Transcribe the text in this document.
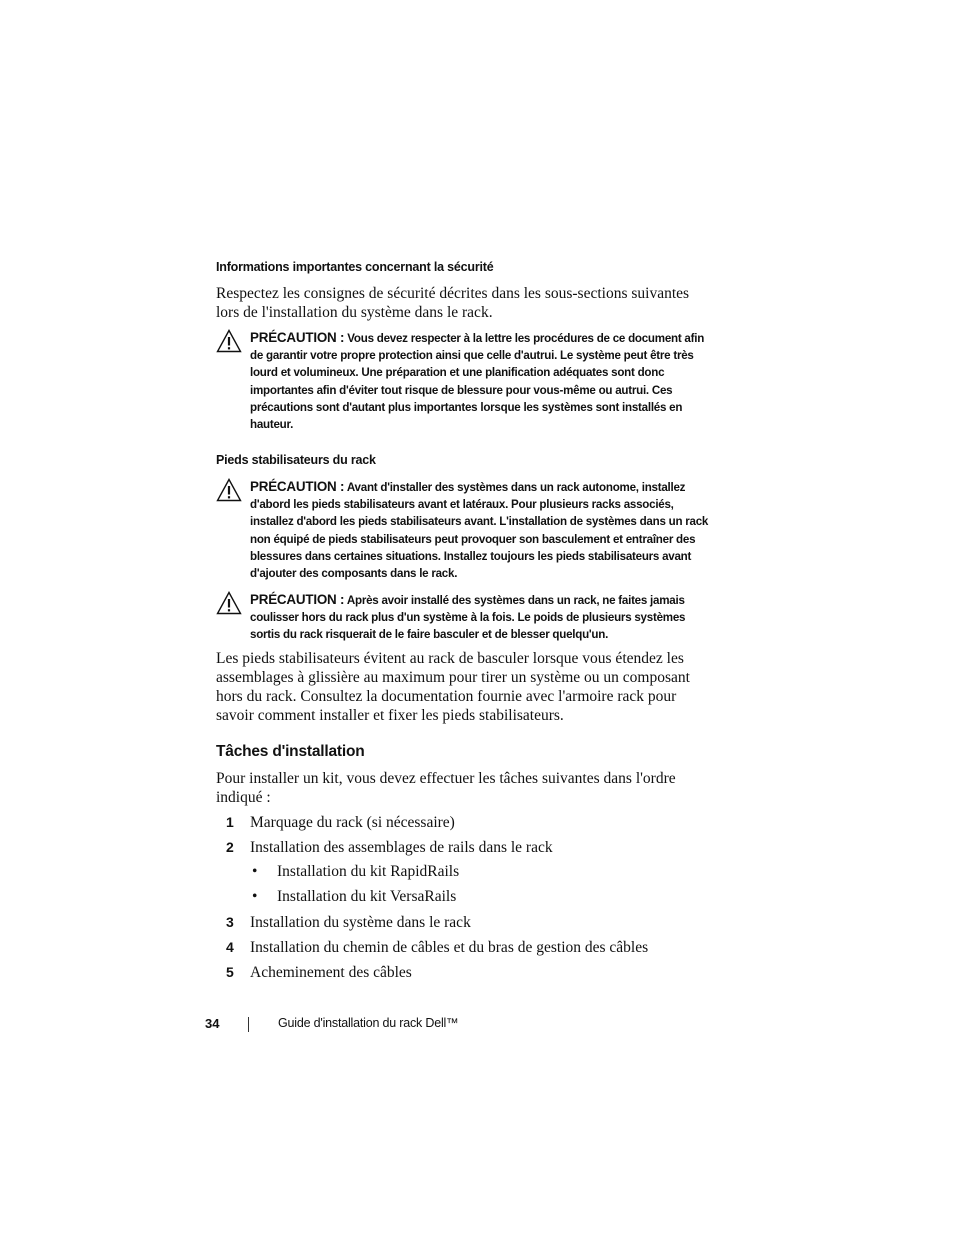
Informations importantes concernant la sécurité

Respectez les consignes de sécurité décrites dans les sous-sections suivantes lors de l'installation du système dans le rack.

PRÉCAUTION : Vous devez respecter à la lettre les procédures de ce document afin de garantir votre propre protection ainsi que celle d'autrui. Le système peut être très lourd et volumineux. Une préparation et une planification adéquates sont donc importantes afin d'éviter tout risque de blessure pour vous-même ou autrui. Ces précautions sont d'autant plus importantes lorsque les systèmes sont installés en hauteur.
Pieds stabilisateurs du rack
PRÉCAUTION : Avant d'installer des systèmes dans un rack autonome, installez d'abord les pieds stabilisateurs avant et latéraux. Pour plusieurs racks associés, installez d'abord les pieds stabilisateurs avant. L'installation de systèmes dans un rack non équipé de pieds stabilisateurs peut provoquer son basculement et entraîner des blessures dans certaines situations. Installez toujours les pieds stabilisateurs avant d'ajouter des composants dans le rack.
PRÉCAUTION : Après avoir installé des systèmes dans un rack, ne faites jamais coulisser hors du rack plus d'un système à la fois. Le poids de plusieurs systèmes sortis du rack risquerait de le faire basculer et de blesser quelqu'un.

Les pieds stabilisateurs évitent au rack de basculer lorsque vous étendez les assemblages à glissière au maximum pour tirer un système ou un composant hors du rack. Consultez la documentation fournie avec l'armoire rack pour savoir comment installer et fixer les pieds stabilisateurs.

Tâches d'installation

Pour installer un kit, vous devez effectuer les tâches suivantes dans l'ordre indiqué :

1 Marquage du rack (si nécessaire)
2 Installation des assemblages de rails dans le rack
• Installation du kit RapidRails
• Installation du kit VersaRails
3 Installation du système dans le rack
4 Installation du chemin de câbles et du bras de gestion des câbles
5 Acheminement des câbles
34	Guide d'installation du rack Dell™
